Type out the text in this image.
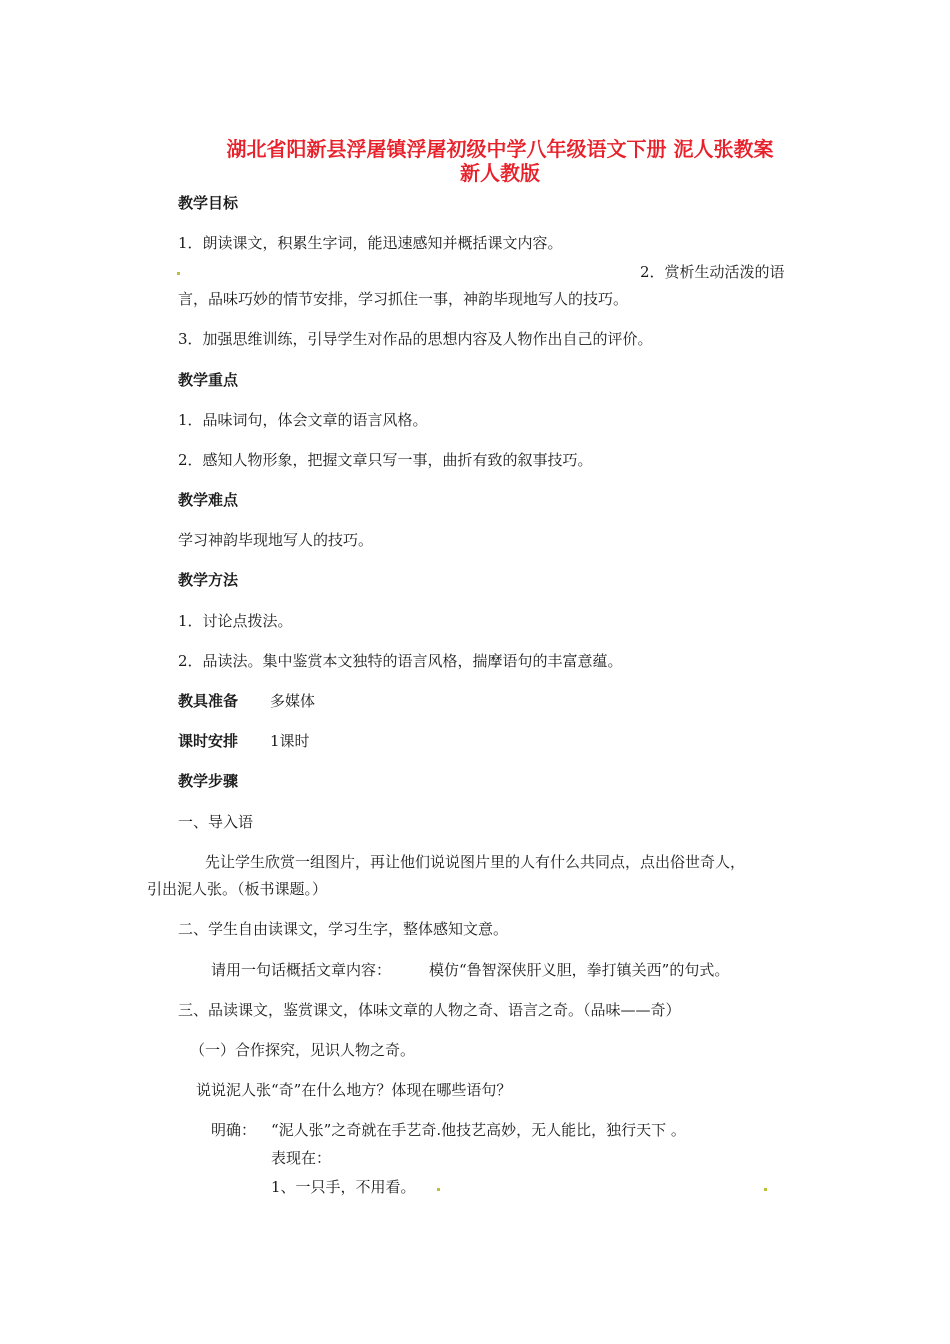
湖北省阳新县浮屠镇浮屠初级中学八年级语文下册 泥人张教案
新人教版
教学目标
1．朗读课文，积累生字词，能迅速感知并概括课文内容。
2．赏析生动活泼的语
言，品味巧妙的情节安排，学习抓住一事，神韵毕现地写人的技巧。
3．加强思维训练，引导学生对作品的思想内容及人物作出自己的评价。
教学重点
1．品味词句，体会文章的语言风格。
2．感知人物形象，把握文章只写一事，曲折有致的叙事技巧。
教学难点
学习神韵毕现地写人的技巧。
教学方法
1．讨论点拨法。
2．品读法。集中鉴赏本文独特的语言风格，揣摩语句的丰富意蕴。
教具准备 多媒体
课时安排 1课时
教学步骤
一、导入语
先让学生欣赏一组图片，再让他们说说图片里的人有什么共同点，点出俗世奇人，
引出泥人张。（板书课题。）
二、学生自由读课文，学习生字，整体感知文意。
请用一句话概括文章内容：	模仿“鲁智深侠肝义胆，拳打镇关西”的句式。
三、品读课文，鉴赏课文，体味文章的人物之奇、语言之奇。（品味——奇）
（一）合作探究，见识人物之奇。
说说泥人张“奇”在什么地方？体现在哪些语句？
明确： “泥人张”之奇就在手艺奇.他技艺高妙，无人能比，独行天下 。
表现在：
1、一只手，不用看。
